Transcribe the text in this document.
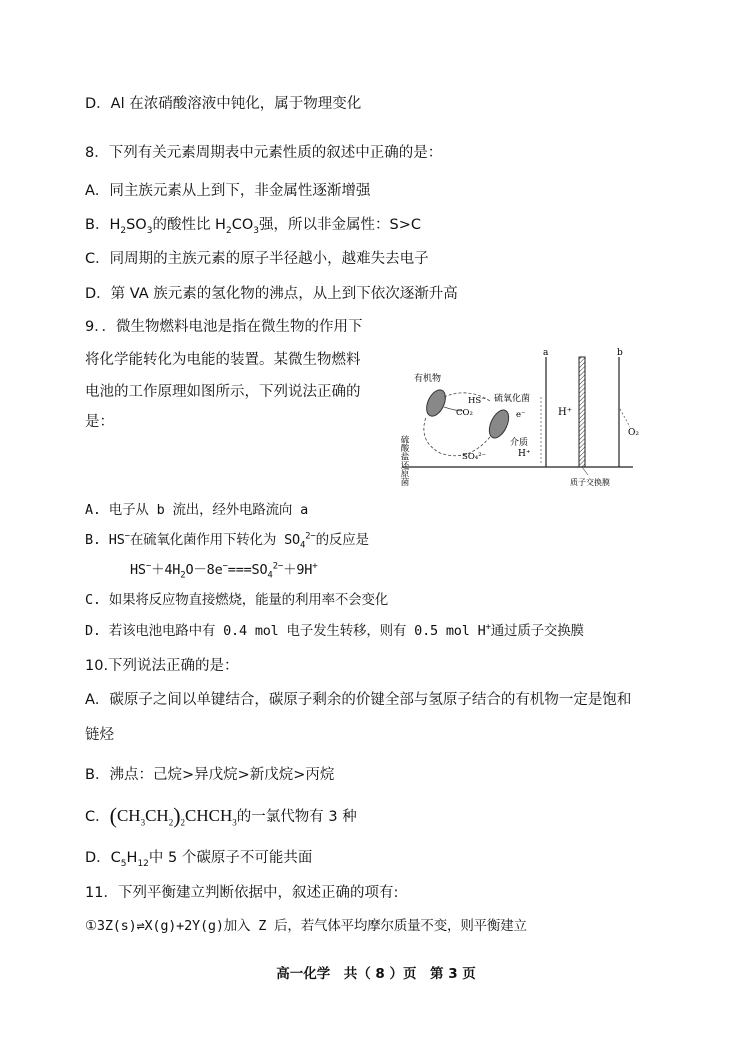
D．Al 在浓硝酸溶液中钝化，属于物理变化
8．下列有关元素周期表中元素性质的叙述中正确的是：
A．同主族元素从上到下，非金属性逐渐增强
B．$H_2SO_3$的酸性比 $H_2CO_3$强，所以非金属性：S>C
C．同周期的主族元素的原子半径越小，越难失去电子
D．第 VA 族元素的氢化物的沸点，从上到下依次逐渐升高
9．．微生物燃料电池是指在微生物的作用下
将化学能转化为电能的装置。某微生物燃料
电池的工作原理如图所示，下列说法正确的
是：
a	b
有机物
硫氧化菌
HS⁻
CO₂
SO₄²⁻
e⁻
介质
H⁺
H⁺
O₂
硫酸盐还原菌	质子交换膜
A. 电子从 b 流出，经外电路流向 a
B. HS−在硫氧化菌作用下转化为 $SO_4^{2-}$的反应是
$HS^-+4H_2O-8e^-===SO_4^{2-}+9H^+$
C. 如果将反应物直接燃烧，能量的利用率不会变化
D. 若该电池电路中有 0.4 mol 电子发生转移，则有 0.5 mol H+通过质子交换膜
10.下列说法正确的是：
A．碳原子之间以单键结合，碳原子剩余的价键全部与氢原子结合的有机物一定是饱和
链烃
B．沸点：己烷>异戊烷>新戊烷>丙烷
C．$(CH_3CH_2)_2CHCH_3$的一氯代物有 3 种
D．$C_5H_{12}$中 5 个碳原子不可能共面
11．下列平衡建立判断依据中，叙述正确的项有:
①3Z(s)⇌X(g)+2Y(g)加入 Z 后，若气体平均摩尔质量不变，则平衡建立
高一化学　共（ 8 ）页　第 3 页
